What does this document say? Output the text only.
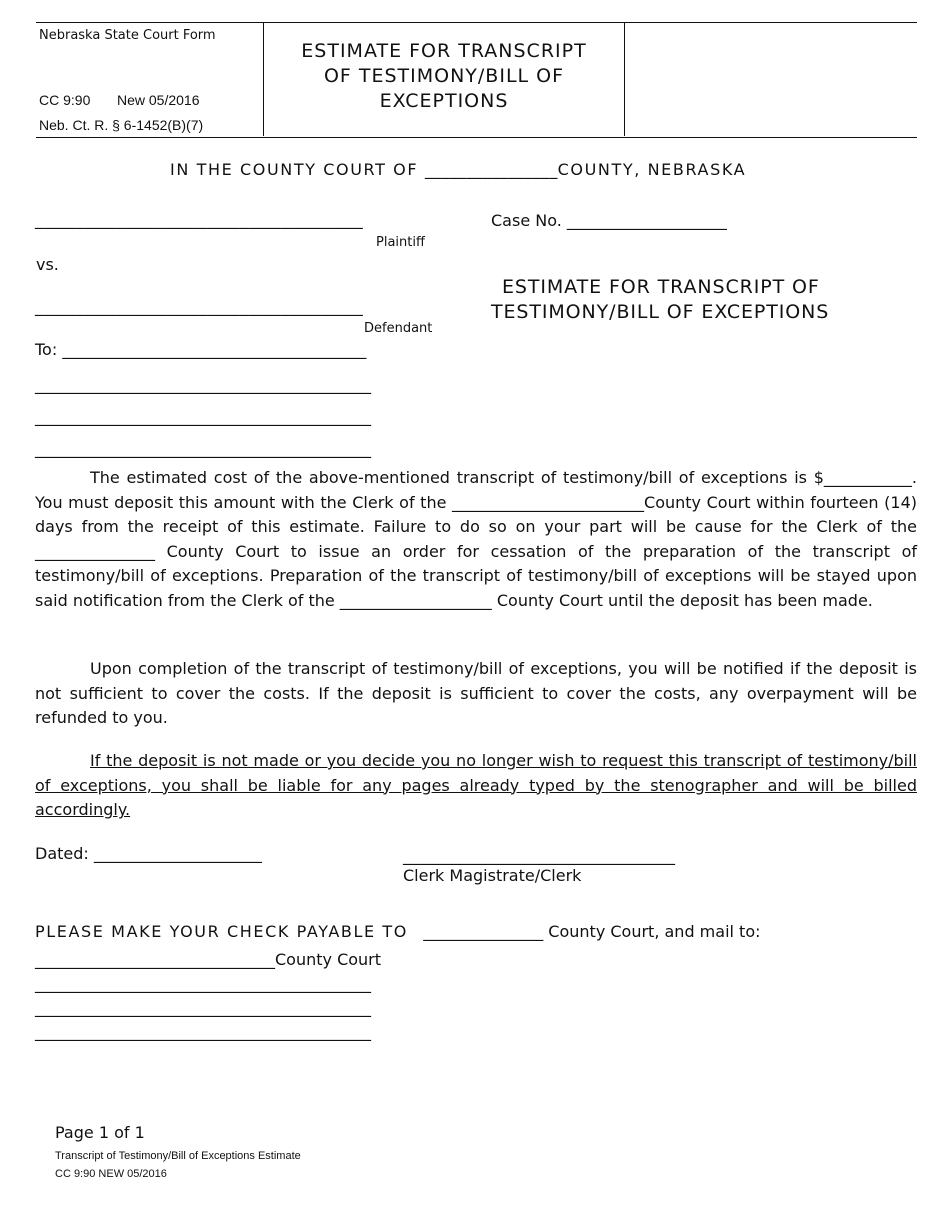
Nebraska State Court Form
CC 9:90 New 05/2016
Neb. Ct. R. § 6-1452(B)(7)
ESTIMATE FOR TRANSCRIPT
OF TESTIMONY/BILL OF
EXCEPTIONS
IN THE COUNTY COURT OF ________________COUNTY, NEBRASKA
________________________________________
Plaintiff
vs.
________________________________________
Defendant
Case No. ____________________
ESTIMATE FOR TRANSCRIPT OF
TESTIMONY/BILL OF EXCEPTIONS
To: ______________________________________
__________________________________________
__________________________________________
__________________________________________
The estimated cost of the above-mentioned transcript of testimony/bill of exceptions is $___________. You must deposit this amount with the Clerk of the ________________________County Court within fourteen (14) days from the receipt of this estimate. Failure to do so on your part will be cause for the Clerk of the _______________ County Court to issue an order for cessation of the preparation of the transcript of testimony/bill of exceptions. Preparation of the transcript of testimony/bill of exceptions will be stayed upon said notification from the Clerk of the ___________________ County Court until the deposit has been made.
Upon completion of the transcript of testimony/bill of exceptions, you will be notified if the deposit is not sufficient to cover the costs. If the deposit is sufficient to cover the costs, any overpayment will be refunded to you.
If the deposit is not made or you decide you no longer wish to request this transcript of testimony/bill of exceptions, you shall be liable for any pages already typed by the stenographer and will be billed accordingly.
Dated: _____________________	__________________________________
Clerk Magistrate/Clerk
PLEASE MAKE YOUR CHECK PAYABLE TO _______________ County Court, and mail to:
______________________________County Court
__________________________________________
__________________________________________
__________________________________________
Page 1 of 1
Transcript of Testimony/Bill of Exceptions Estimate
CC 9:90 NEW 05/2016
